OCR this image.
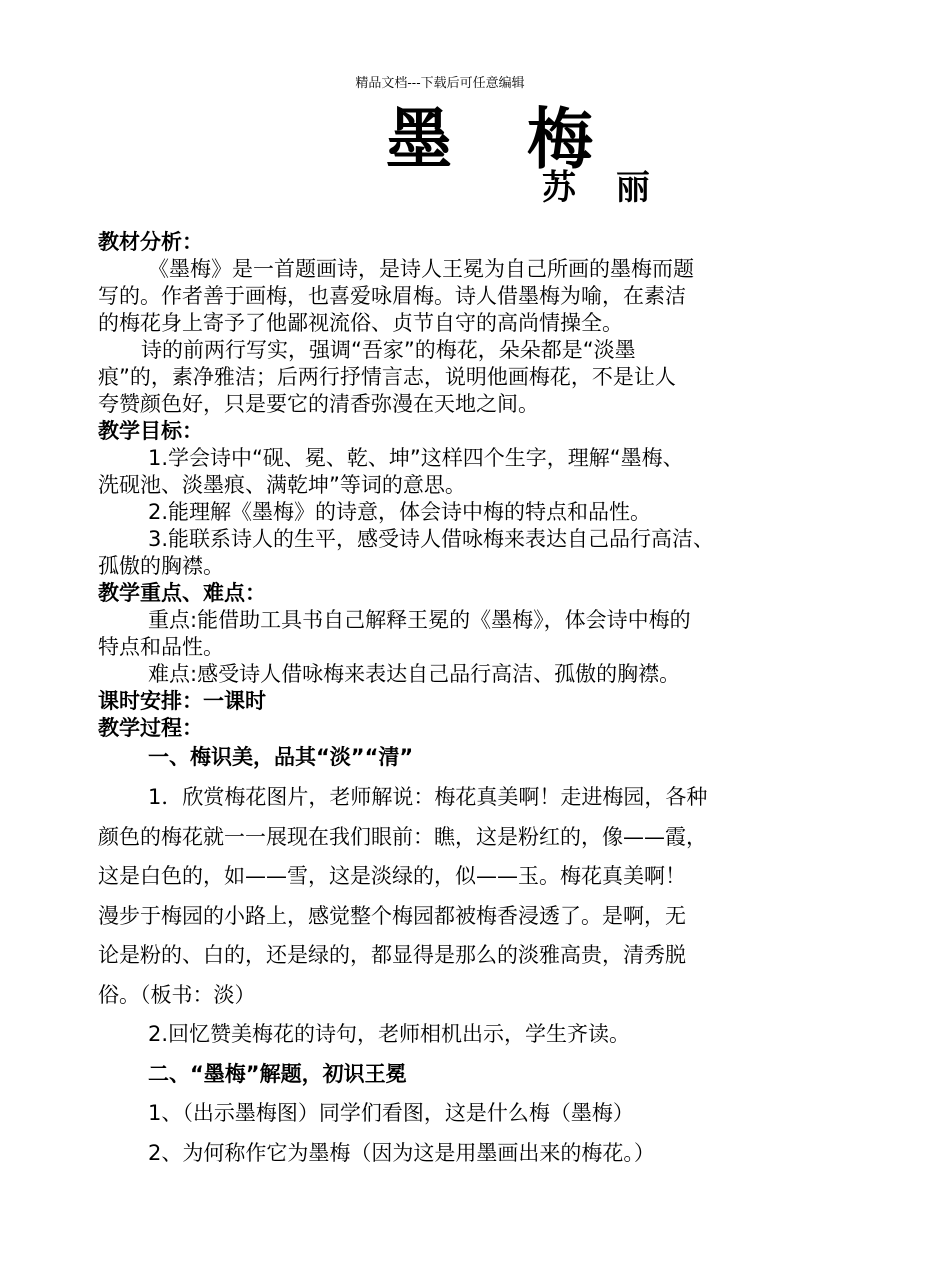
精品文档---下载后可任意编辑
墨 梅
苏 丽
教材分析：
《墨梅》是一首题画诗，是诗人王冕为自己所画的墨梅而题
写的。作者善于画梅，也喜爱咏眉梅。诗人借墨梅为喻，在素洁
的梅花身上寄予了他鄙视流俗、贞节自守的高尚情操全。
诗的前两行写实，强调“吾家”的梅花，朵朵都是“淡墨
痕”的，素净雅洁；后两行抒情言志，说明他画梅花，不是让人
夸赞颜色好，只是要它的清香弥漫在天地之间。
教学目标：
1.学会诗中“砚、冕、乾、坤”这样四个生字，理解“墨梅、
洗砚池、淡墨痕、满乾坤”等词的意思。
2.能理解《墨梅》的诗意，体会诗中梅的特点和品性。
3.能联系诗人的生平，感受诗人借咏梅来表达自己品行高洁、
孤傲的胸襟。
教学重点、难点：
重点:能借助工具书自己解释王冕的《墨梅》，体会诗中梅的
特点和品性。
难点:感受诗人借咏梅来表达自己品行高洁、孤傲的胸襟。
课时安排：一课时
教学过程：
一、梅识美，品其“淡”“清”
1．欣赏梅花图片，老师解说：梅花真美啊！走进梅园，各种
颜色的梅花就一一展现在我们眼前：瞧，这是粉红的，像——霞，
这是白色的，如——雪，这是淡绿的，似——玉。梅花真美啊！
漫步于梅园的小路上，感觉整个梅园都被梅香浸透了。是啊，无
论是粉的、白的，还是绿的，都显得是那么的淡雅高贵，清秀脱
俗。（板书：淡）
2.回忆赞美梅花的诗句，老师相机出示，学生齐读。
二、“墨梅”解题，初识王冕
1、（出示墨梅图）同学们看图，这是什么梅（墨梅）
2、为何称作它为墨梅（因为这是用墨画出来的梅花。）
